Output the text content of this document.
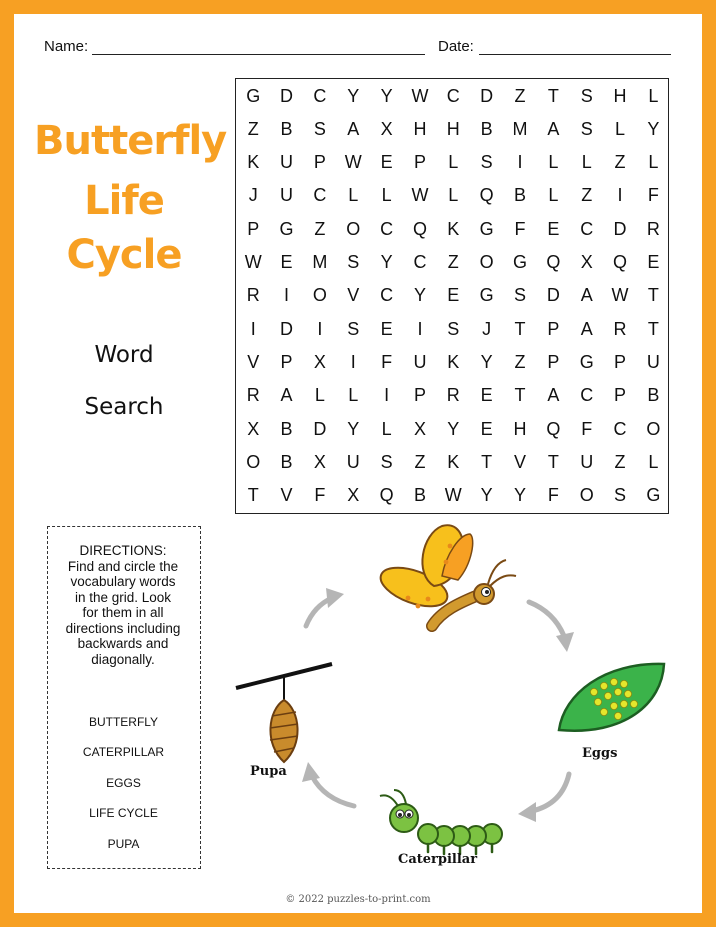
Name:	Date:
Butterfly
Life
Cycle
Word
Search
G	D	C	Y	Y	W	C	D	Z	T	S	H	L
Z	B	S	A	X	H	H	B	M	A	S	L	Y
K	U	P	W	E	P	L	S	I	L	L	Z	L
J	U	C	L	L	W	L	Q	B	L	Z	I	F
P	G	Z	O	C	Q	K	G	F	E	C	D	R
W	E	M	S	Y	C	Z	O	G	Q	X	Q	E
R	I	O	V	C	Y	E	G	S	D	A	W	T
I	D	I	S	E	I	S	J	T	P	A	R	T
V	P	X	I	F	U	K	Y	Z	P	G	P	U
R	A	L	L	I	P	R	E	T	A	C	P	B
X	B	D	Y	L	X	Y	E	H	Q	F	C	O
O	B	X	U	S	Z	K	T	V	T	U	Z	L
T	V	F	X	Q	B	W	Y	Y	F	O	S	G
DIRECTIONS:
Find and circle the
vocabulary words
in the grid. Look
for them in all
directions including
backwards and
diagonally.
BUTTERFLY
CATERPILLAR
EGGS
LIFE CYCLE
PUPA
Eggs
Caterpillar
Pupa
© 2022 puzzles-to-print.com
